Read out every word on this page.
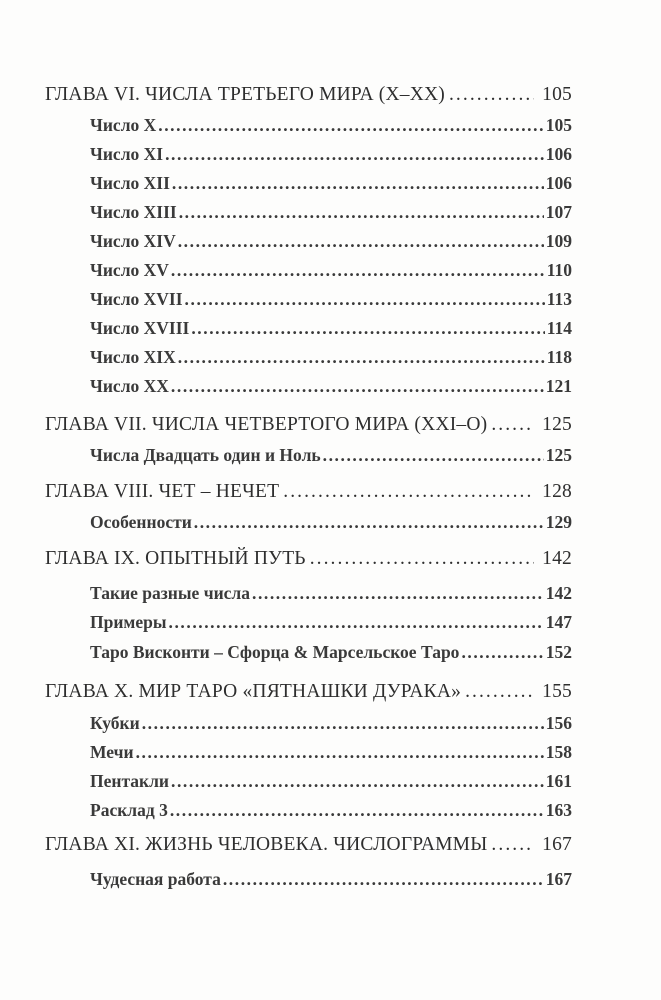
ГЛАВА VI. ЧИСЛА ТРЕТЬЕГО МИРА (X–XX) . . .	105
Число X . . .	105
Число XI . . .	106
Число XII . . .	106
Число XIII . . .	107
Число XIV . . .	109
Число XV . . .	110
Число XVII . . .	113
Число XVIII . . .	114
Число XIX . . .	118
Число XX . . .	121
ГЛАВА VII. ЧИСЛА ЧЕТВЕРТОГО МИРА (XXI–O) . . .	125
Числа Двадцать один и Ноль . . .	125
ГЛАВА VIII. ЧЕТ – НЕЧЕТ . . .	128
Особенности . . .	129
ГЛАВА IX. ОПЫТНЫЙ ПУТЬ . . .	142
Такие разные числа . . .	142
Примеры . . .	147
Таро Висконти – Сфорца & Марсельское Таро . . .	152
ГЛАВА X. МИР ТАРО «ПЯТНАШКИ ДУРАКА» . . .	155
Кубки . . .	156
Мечи . . .	158
Пентакли . . .	161
Расклад 3 . . .	163
ГЛАВА XI. ЖИЗНЬ ЧЕЛОВЕКА. ЧИСЛОГРАММЫ . . .	167
Чудесная работа . . .	167
